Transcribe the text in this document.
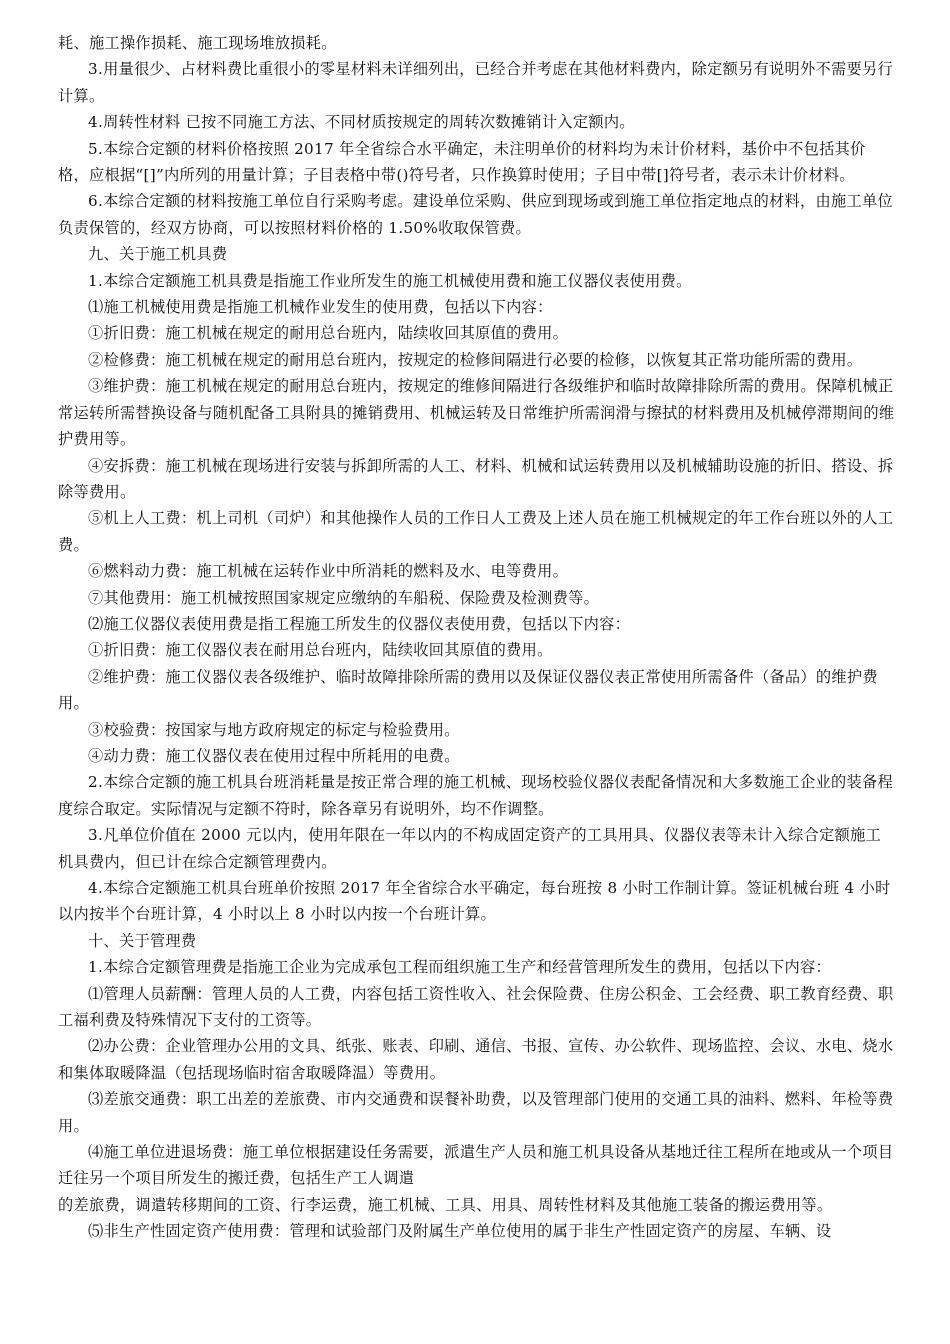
耗、施工操作损耗、施工现场堆放损耗。

3.用量很少、占材料费比重很小的零星材料未详细列出，已经合并考虑在其他材料费内，除定额另有说明外不需要另行计算。

4.周转性材料 已按不同施工方法、不同材质按规定的周转次数摊销计入定额内。

5.本综合定额的材料价格按照 2017 年全省综合水平确定，未注明单价的材料均为未计价材料，基价中不包括其价格，应根据“[]”内所列的用量计算；子目表格中带()符号者，只作换算时使用；子目中带[]符号者，表示未计价材料。

6.本综合定额的材料按施工单位自行采购考虑。建设单位采购、供应到现场或到施工单位指定地点的材料，由施工单位负责保管的，经双方协商，可以按照材料价格的 1.50%收取保管费。

九、关于施工机具费

1.本综合定额施工机具费是指施工作业所发生的施工机械使用费和施工仪器仪表使用费。

⑴施工机械使用费是指施工机械作业发生的使用费，包括以下内容：

①折旧费：施工机械在规定的耐用总台班内，陆续收回其原值的费用。

②检修费：施工机械在规定的耐用总台班内，按规定的检修间隔进行必要的检修，以恢复其正常功能所需的费用。

③维护费：施工机械在规定的耐用总台班内，按规定的维修间隔进行各级维护和临时故障排除所需的费用。保障机械正常运转所需替换设备与随机配备工具附具的摊销费用、机械运转及日常维护所需润滑与擦拭的材料费用及机械停滞期间的维护费用等。

④安拆费：施工机械在现场进行安装与拆卸所需的人工、材料、机械和试运转费用以及机械辅助设施的折旧、搭设、拆除等费用。

⑤机上人工费：机上司机（司炉）和其他操作人员的工作日人工费及上述人员在施工机械规定的年工作台班以外的人工费。

⑥燃料动力费：施工机械在运转作业中所消耗的燃料及水、电等费用。

⑦其他费用：施工机械按照国家规定应缴纳的车船税、保险费及检测费等。

⑵施工仪器仪表使用费是指工程施工所发生的仪器仪表使用费，包括以下内容：

①折旧费：施工仪器仪表在耐用总台班内，陆续收回其原值的费用。

②维护费：施工仪器仪表各级维护、临时故障排除所需的费用以及保证仪器仪表正常使用所需备件（备品）的维护费用。

③校验费：按国家与地方政府规定的标定与检验费用。

④动力费：施工仪器仪表在使用过程中所耗用的电费。

2.本综合定额的施工机具台班消耗量是按正常合理的施工机械、现场校验仪器仪表配备情况和大多数施工企业的装备程度综合取定。实际情况与定额不符时，除各章另有说明外，均不作调整。

3.凡单位价值在 2000 元以内，使用年限在一年以内的不构成固定资产的工具用具、仪器仪表等未计入综合定额施工机具费内，但已计在综合定额管理费内。

4.本综合定额施工机具台班单价按照 2017 年全省综合水平确定，每台班按 8 小时工作制计算。签证机械台班 4 小时以内按半个台班计算，4 小时以上 8 小时以内按一个台班计算。

十、关于管理费

1.本综合定额管理费是指施工企业为完成承包工程而组织施工生产和经营管理所发生的费用，包括以下内容：

⑴管理人员薪酬：管理人员的人工费，内容包括工资性收入、社会保险费、住房公积金、工会经费、职工教育经费、职工福利费及特殊情况下支付的工资等。

⑵办公费：企业管理办公用的文具、纸张、账表、印刷、通信、书报、宣传、办公软件、现场监控、会议、水电、烧水和集体取暖降温（包括现场临时宿舍取暖降温）等费用。

⑶差旅交通费：职工出差的差旅费、市内交通费和误餐补助费，以及管理部门使用的交通工具的油料、燃料、年检等费用。

⑷施工单位进退场费：施工单位根据建设任务需要，派遣生产人员和施工机具设备从基地迁往工程所在地或从一个项目迁往另一个项目所发生的搬迁费，包括生产工人调遣

的差旅费，调遣转移期间的工资、行李运费，施工机械、工具、用具、周转性材料及其他施工装备的搬运费用等。

⑸非生产性固定资产使用费：管理和试验部门及附属生产单位使用的属于非生产性固定资产的房屋、车辆、设
